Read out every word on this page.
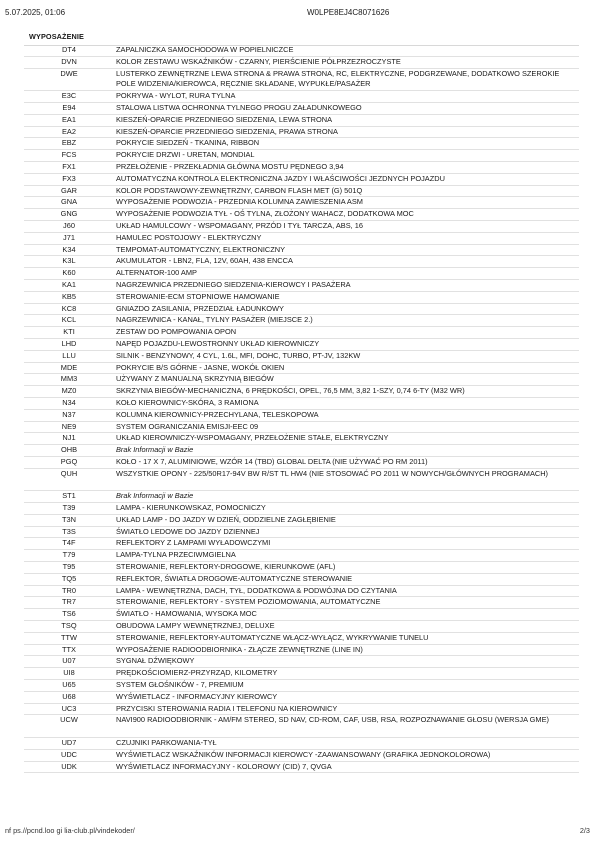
5.07.2025, 01:06	W0LPE8EJ4C8071626
WYPOSAŻENIE
DT4	ZAPALNICZKA SAMOCHODOWA W POPIELNICZCE
DVN	KOLOR ZESTAWU WSKAŹNIKÓW - CZARNY, PIERŚCIENIE PÓŁPRZEZROCZYSTE
DWE	LUSTERKO ZEWNĘTRZNE LEWA STRONA & PRAWA STRONA, RC, ELEKTRYCZNE, PODGRZEWANE, DODATKOWO SZEROKIE POLE WIDZENIA/KIEROWCA, RĘCZNIE SKŁADANE, WYPUKŁE/PASAŻER
E3C	POKRYWA - WYLOT, RURA TYLNA
E94	STALOWA LISTWA OCHRONNA TYLNEGO PROGU ZAŁADUNKOWEGO
EA1	KIESZEŃ-OPARCIE PRZEDNIEGO SIEDZENIA, LEWA STRONA
EA2	KIESZEŃ-OPARCIE PRZEDNIEGO SIEDZENIA, PRAWA STRONA
EBZ	POKRYCIE SIEDZEŃ - TKANINA, RIBBON
FCS	POKRYCIE DRZWI - URETAN, MONDIAL
FX1	PRZEŁOŻENIE - PRZEKŁADNIA GŁÓWNA MOSTU PĘDNEGO 3,94
FX3	AUTOMATYCZNA KONTROLA ELEKTRONICZNA JAZDY I WŁAŚCIWOŚCI JEZDNYCH POJAZDU
GAR	KOLOR PODSTAWOWY-ZEWNĘTRZNY, CARBON FLASH MET (G) 501Q
GNA	WYPOSAŻENIE PODWOZIA - PRZEDNIA KOLUMNA ZAWIESZENIA ASM
GNG	WYPOSAŻENIE PODWOZIA TYŁ - OŚ TYLNA, ZŁOŻONY WAHACZ, DODATKOWA MOC
J60	UKŁAD HAMULCOWY - WSPOMAGANY, PRZÓD I TYŁ TARCZA, ABS, 16
J71	HAMULEC POSTOJOWY - ELEKTRYCZNY
K34	TEMPOMAT-AUTOMATYCZNY, ELEKTRONICZNY
K3L	AKUMULATOR - LBN2, FLA, 12V, 60AH, 438 ENCCA
K60	ALTERNATOR-100 AMP
KA1	NAGRZEWNICA PRZEDNIEGO SIEDZENIA-KIEROWCY I PASAŻERA
KB5	STEROWANIE-ECM STOPNIOWE HAMOWANIE
KC8	GNIAZDO ZASILANIA, PRZEDZIAŁ ŁADUNKOWY
KCL	NAGRZEWNICA - KANAŁ, TYLNY PASAŻER (MIEJSCE 2.)
KTI	ZESTAW DO POMPOWANIA OPON
LHD	NAPĘD POJAZDU-LEWOSTRONNY UKŁAD KIEROWNICZY
LLU	SILNIK - BENZYNOWY, 4 CYL, 1.6L, MFI, DOHC, TURBO, PT-JV, 132KW
MDE	POKRYCIE B/S GÓRNE - JASNE, WOKÓŁ OKIEN
MM3	UŻYWANY Z MANUALNĄ SKRZYNIĄ BIEGÓW
MZ0	SKRZYNIA BIEGÓW-MECHANICZNA, 6 PRĘDKOŚCI, OPEL, 76,5 MM, 3,82 1-SZY, 0,74 6-TY (M32 WR)
N34	KOŁO KIEROWNICY-SKÓRA, 3 RAMIONA
N37	KOLUMNA KIEROWNICY-PRZECHYLANA, TELESKOPOWA
NE9	SYSTEM OGRANICZANIA EMISJI-EEC 09
NJ1	UKŁAD KIEROWNICZY-WSPOMAGANY, PRZEŁOŻENIE STAŁE, ELEKTRYCZNY
OHB	Brak Informacji w Bazie
PGQ	KOŁO - 17 X 7, ALUMINIOWE, WZÓR 14 (TBD) GLOBAL DELTA (NIE UŻYWAĆ PO RM 2011)
QUH	WSZYSTKIE OPONY - 225/50R17-94V BW R/ST TL HW4 (NIE STOSOWAĆ PO 2011 W NOWYCH/GŁÓWNYCH PROGRAMACH)
ST1	Brak Informacji w Bazie
T39	LAMPA - KIERUNKOWSKAZ, POMOCNICZY
T3N	UKŁAD LAMP - DO JAZDY W DZIEŃ, ODDZIELNE ZAGŁĘBIENIE
T3S	ŚWIATŁO LEDOWE DO JAZDY DZIENNEJ
T4F	REFLEKTORY Z LAMPAMI WYŁADOWCZYMI
T79	LAMPA-TYLNA PRZECIWMGIELNA
T95	STEROWANIE, REFLEKTORY-DROGOWE, KIERUNKOWE (AFL)
TQ5	REFLEKTOR, ŚWIATŁA DROGOWE-AUTOMATYCZNE STEROWANIE
TR0	LAMPA - WEWNĘTRZNA, DACH, TYŁ, DODATKOWA & PODWÓJNA DO CZYTANIA
TR7	STEROWANIE, REFLEKTORY - SYSTEM POZIOMOWANIA, AUTOMATYCZNE
TS6	ŚWIATŁO - HAMOWANIA, WYSOKA MOC
TSQ	OBUDOWA LAMPY WEWNĘTRZNEJ, DELUXE
TTW	STEROWANIE, REFLEKTORY-AUTOMATYCZNE WŁĄCZ-WYŁĄCZ, WYKRYWANIE TUNELU
TTX	WYPOSAŻENIE RADIOODBIORNIKA - ZŁĄCZE ZEWNĘTRZNE (LINE IN)
U07	SYGNAŁ DŹWIĘKOWY
UI8	PRĘDKOŚCIOMIERZ-PRZYRZĄD, KILOMETRY
U65	SYSTEM GŁOŚNIKÓW - 7, PREMIUM
U68	WYŚWIETLACZ - INFORMACYJNY KIEROWCY
UC3	PRZYCISKI STEROWANIA RADIA I TELEFONU NA KIEROWNICY
UCW	NAVI900 RADIOODBIORNIK - AM/FM STEREO, SD NAV, CD-ROM, CAF, USB, RSA, ROZPOZNAWANIE GŁOSU (WERSJA GME)
UD7	CZUJNIKI PARKOWANIA-TYŁ
UDC	WYŚWIETLACZ WSKAŹNIKÓW INFORMACJI KIEROWCY -ZAAWANSOWANY (GRAFIKA JEDNOKOLOROWA)
UDK	WYŚWIETLACZ INFORMACYJNY - KOLOROWY (CID) 7, QVGA
nf ps.//pcnd.loo gi lia-club.pl/vindekoder/	2/3
